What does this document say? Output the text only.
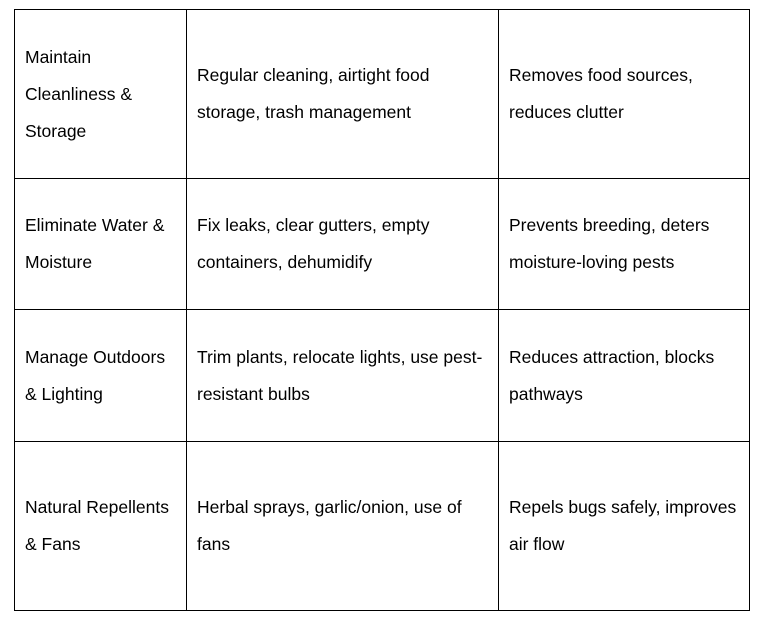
Maintain Cleanliness & Storage	Regular cleaning, airtight food storage, trash management	Removes food sources, reduces clutter
Eliminate Water & Moisture	Fix leaks, clear gutters, empty containers, dehumidify	Prevents breeding, deters moisture-loving pests
Manage Outdoors & Lighting	Trim plants, relocate lights, use pest-resistant bulbs	Reduces attraction, blocks pathways
Natural Repellents & Fans	Herbal sprays, garlic/onion, use of fans	Repels bugs safely, improves air flow
